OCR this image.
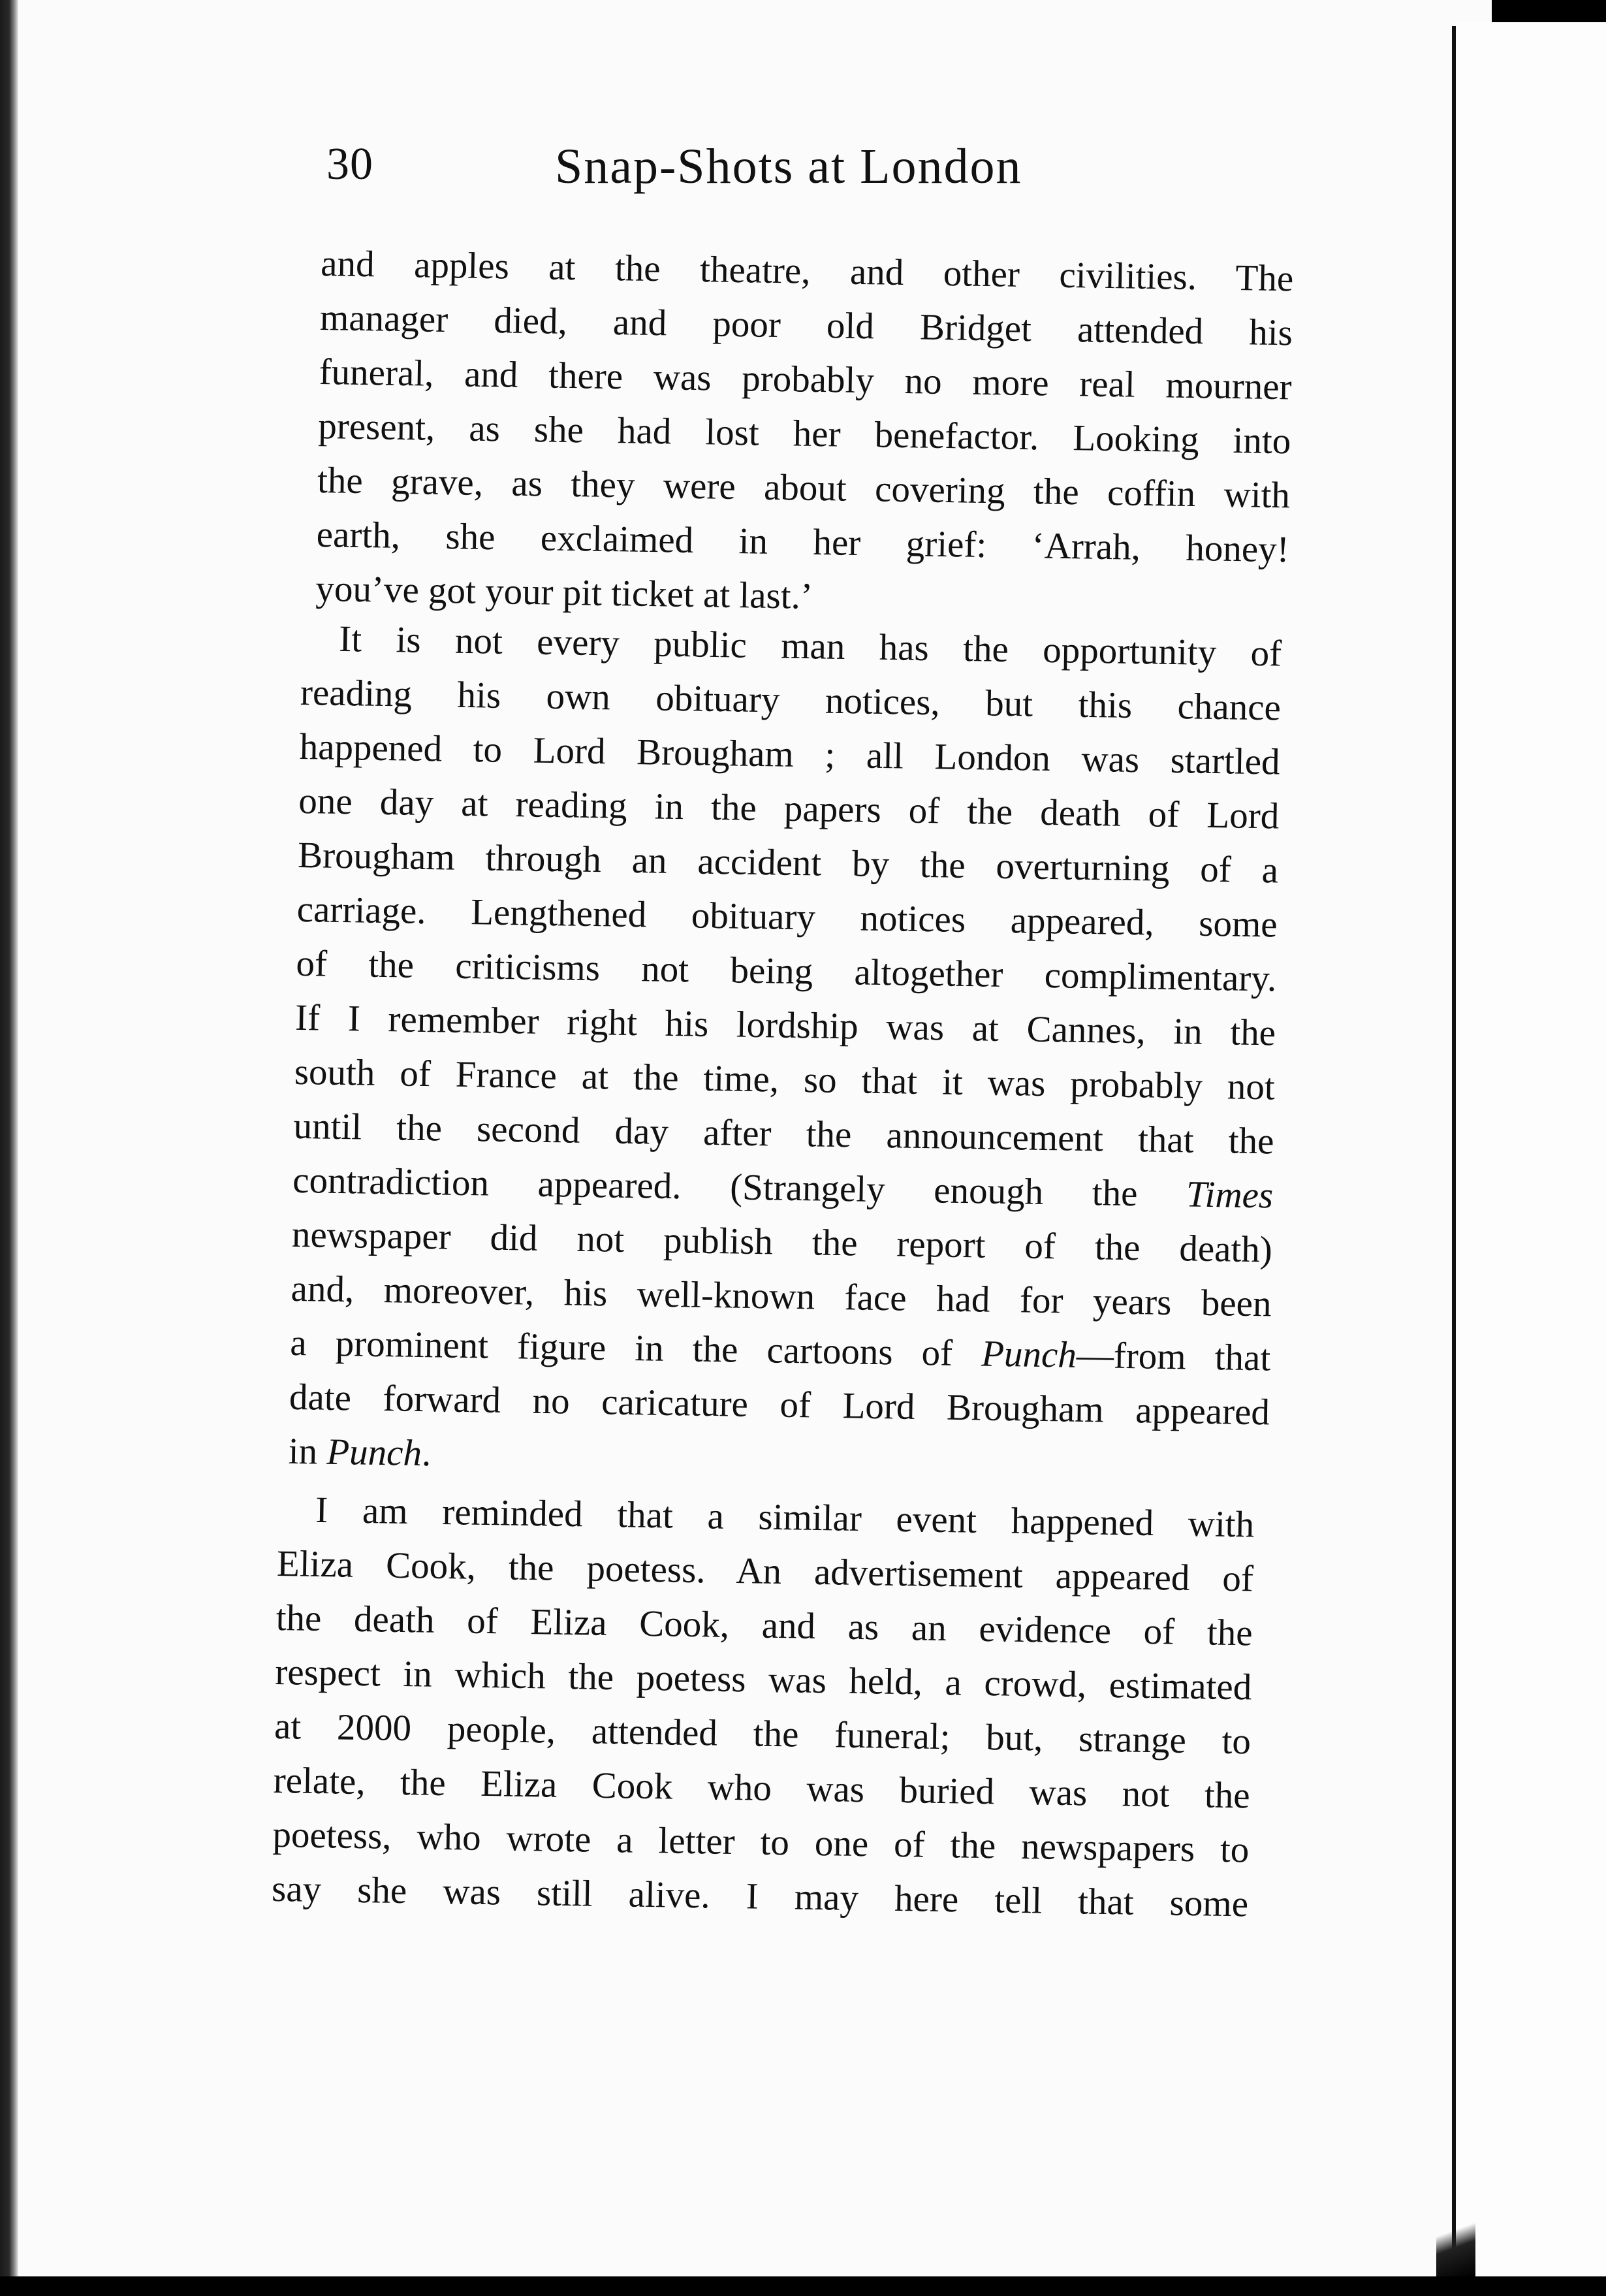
30	Snap-Shots at London
and apples at the theatre, and other civilities. The
manager died, and poor old Bridget attended his
funeral, and there was probably no more real mourner
present, as she had lost her benefactor. Looking into
the grave, as they were about covering the coffin with
earth, she exclaimed in her grief: ‘Arrah, honey!
you’ve got your pit ticket at last.’
It is not every public man has the opportunity of
reading his own obituary notices, but this chance
happened to Lord Brougham ; all London was startled
one day at reading in the papers of the death of Lord
Brougham through an accident by the overturning of a
carriage. Lengthened obituary notices appeared, some
of the criticisms not being altogether complimentary.
If I remember right his lordship was at Cannes, in the
south of France at the time, so that it was probably not
until the second day after the announcement that the
contradiction appeared. (Strangely enough the Times
newspaper did not publish the report of the death)
and, moreover, his well-known face had for years been
a prominent figure in the cartoons of Punch—from that
date forward no caricature of Lord Brougham appeared
in Punch.
I am reminded that a similar event happened with
Eliza Cook, the poetess. An advertisement appeared of
the death of Eliza Cook, and as an evidence of the
respect in which the poetess was held, a crowd, estimated
at 2000 people, attended the funeral; but, strange to
relate, the Eliza Cook who was buried was not the
poetess, who wrote a letter to one of the newspapers to
say she was still alive. I may here tell that some
